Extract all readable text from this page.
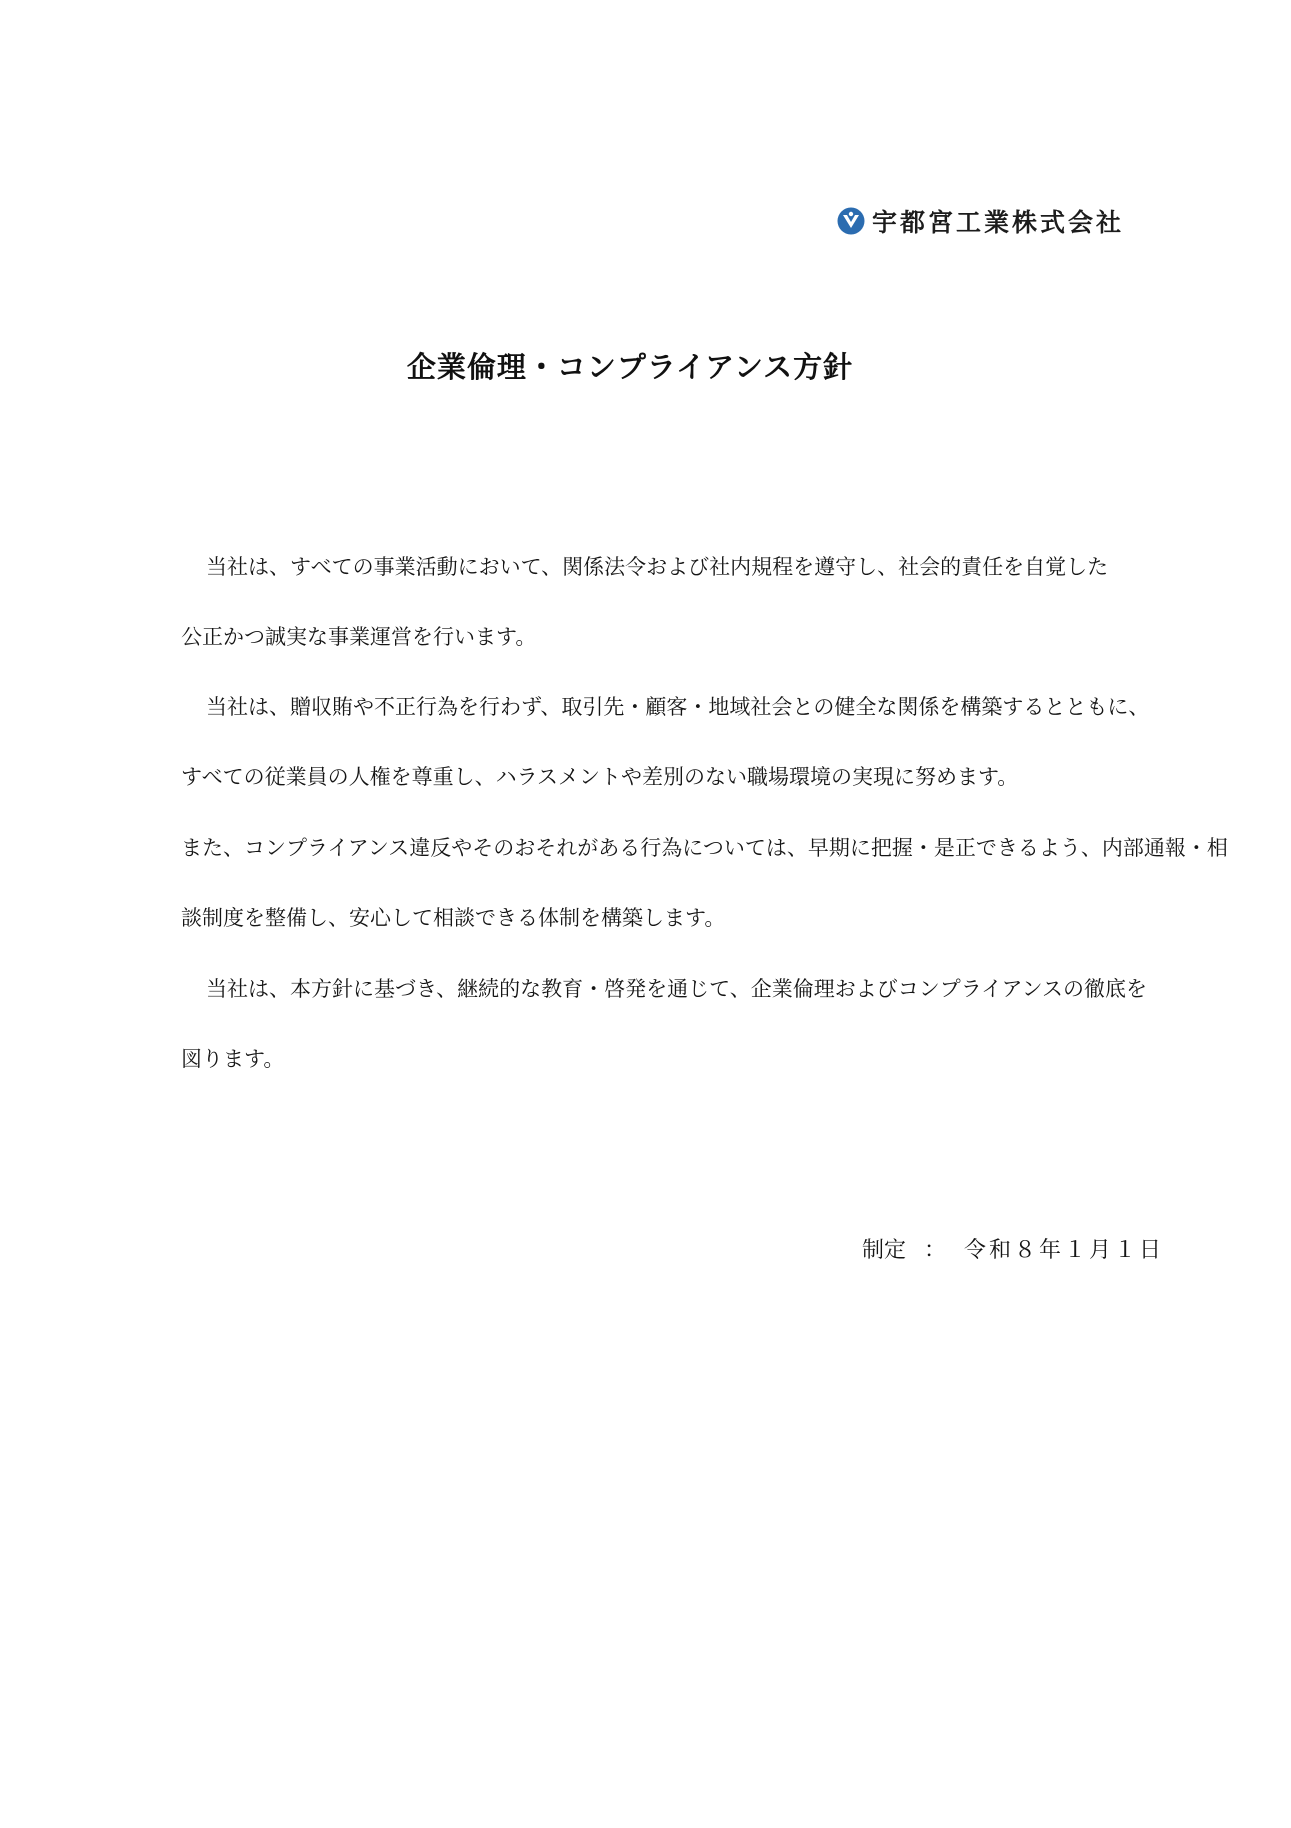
宇都宮工業株式会社
企業倫理・コンプライアンス方針
当社は、すべての事業活動において、関係法令および社内規程を遵守し、社会的責任を自覚した
公正かつ誠実な事業運営を行います。
当社は、贈収賄や不正行為を行わず、取引先・顧客・地域社会との健全な関係を構築するとともに、
すべての従業員の人権を尊重し、ハラスメントや差別のない職場環境の実現に努めます。
また、コンプライアンス違反やそのおそれがある行為については、早期に把握・是正できるよう、内部通報・相
談制度を整備し、安心して相談できる体制を構築します。
当社は、本方針に基づき、継続的な教育・啓発を通じて、企業倫理およびコンプライアンスの徹底を
図ります。
制定 ： 令和８年１月１日
